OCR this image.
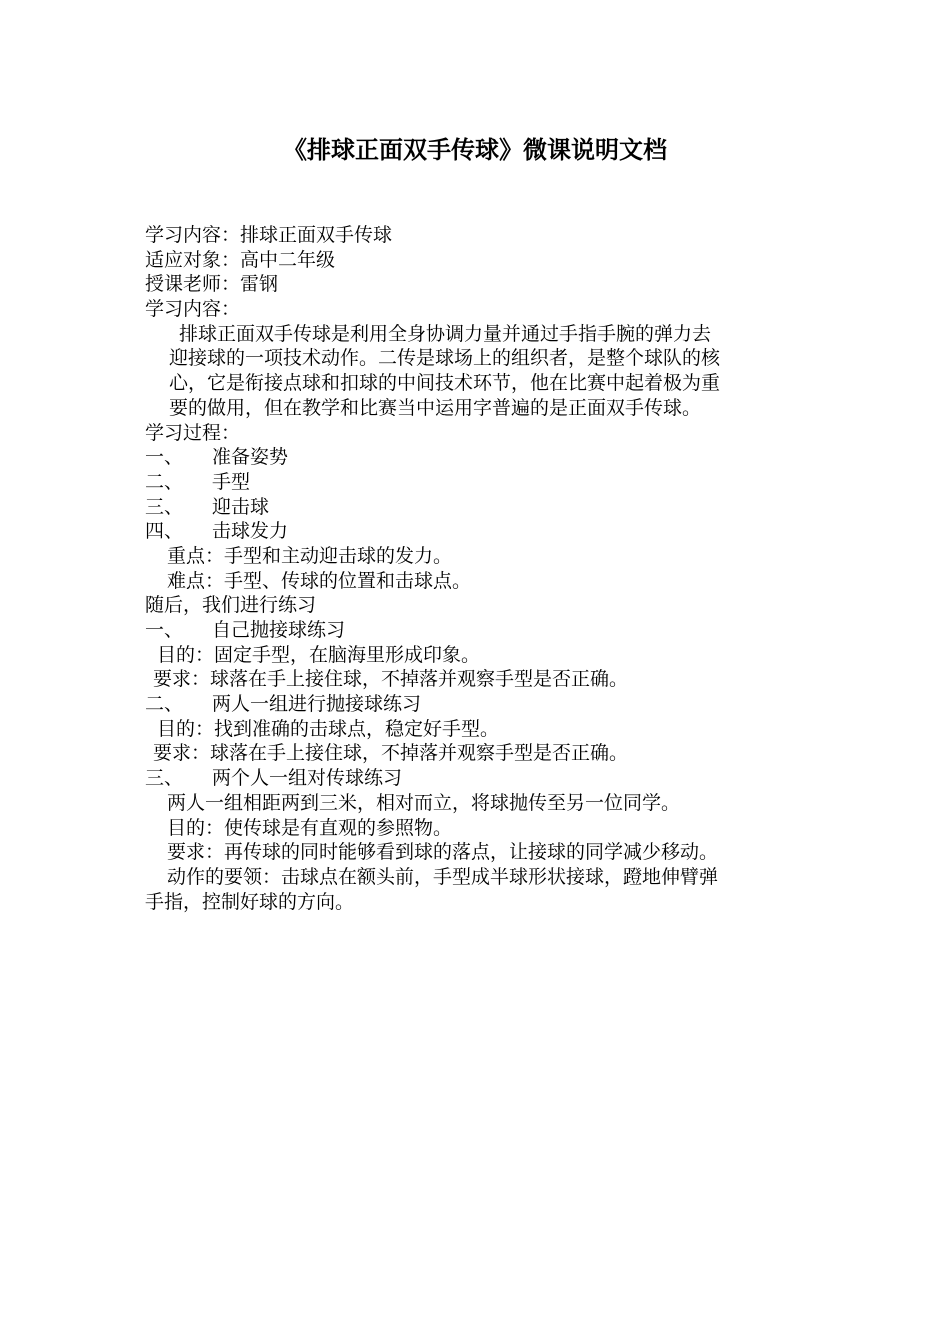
《排球正面双手传球》微课说明文档
学习内容：排球正面双手传球
适应对象：高中二年级
授课老师：雷钢
学习内容：
排球正面双手传球是利用全身协调力量并通过手指手腕的弹力去
迎接球的一项技术动作。二传是球场上的组织者，是整个球队的核
心，它是衔接点球和扣球的中间技术环节，他在比赛中起着极为重
要的做用，但在教学和比赛当中运用字普遍的是正面双手传球。
学习过程：
一、 准备姿势
二、 手型
三、 迎击球
四、 击球发力
重点：手型和主动迎击球的发力。
难点：手型、传球的位置和击球点。
随后，我们进行练习
一、 自己抛接球练习
目的：固定手型，在脑海里形成印象。
要求：球落在手上接住球，不掉落并观察手型是否正确。
二、 两人一组进行抛接球练习
目的：找到准确的击球点，稳定好手型。
要求：球落在手上接住球，不掉落并观察手型是否正确。
三、 两个人一组对传球练习
两人一组相距两到三米，相对而立，将球抛传至另一位同学。
目的：使传球是有直观的参照物。
要求：再传球的同时能够看到球的落点，让接球的同学减少移动。
动作的要领：击球点在额头前，手型成半球形状接球，蹬地伸臂弹
手指，控制好球的方向。
